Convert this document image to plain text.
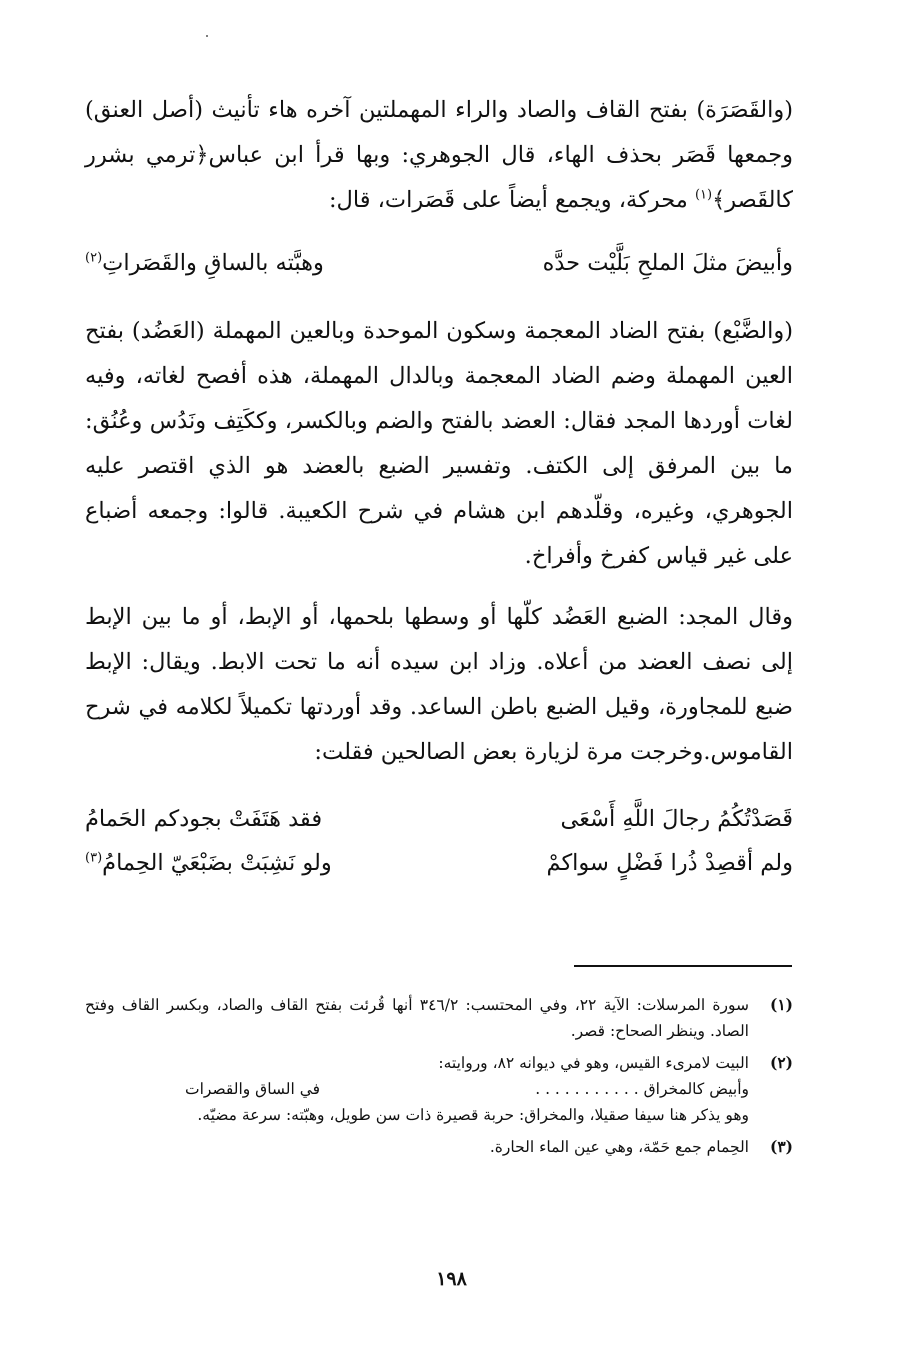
(والقَصَرَة) بفتح القاف والصاد والراء المهملتين آخره هاء تأنيث (أصل العنق) وجمعها قَصَر بحذف الهاء، قال الجوهري: وبها قرأ ابن عباس﴿ترمي بشرر كالقَصر﴾$^{(١)}$ محركة، ويجمع أيضاً على قَصَرات، قال:

وأبيضَ مثلَ الملحِ بَلَّيْت حدَّه
وهبَّته بالساقِ والقَصَراتِ$^{(٢)}$

(والضَّبْع) بفتح الضاد المعجمة وسكون الموحدة وبالعين المهملة (العَضُد) بفتح العين المهملة وضم الضاد المعجمة وبالدال المهملة، هذه أفصح لغاته، وفيه لغات أوردها المجد فقال: العضد بالفتح والضم وبالكسر، وككَتِف ونَدُس وعُنُق: ما بين المرفق إلى الكتف. وتفسير الضبع بالعضد هو الذي اقتصر عليه الجوهري، وغيره، وقلّدهم ابن هشام في شرح الكعيبة. قالوا: وجمعه أضباع على غير قياس كفرخ وأفراخ.

وقال المجد: الضبع العَضُد كلّها أو وسطها بلحمها، أو الإبط، أو ما بين الإبط إلى نصف العضد من أعلاه. وزاد ابن سيده أنه ما تحت الابط. ويقال: الإبط ضبع للمجاورة، وقيل الضبع باطن الساعد. وقد أوردتها تكميلاً لكلامه في شرح القاموس.وخرجت مرة لزيارة بعض الصالحين فقلت:

قَصَدْتُكُمُ رجالَ اللَّهِ أَسْعَى
فقد هَتَفَتْ بجودكم الحَمامُ
ولم أقصِدْ ذُرا فَضْلٍ سواكمْ
ولو نَشِبَتْ بضَبْعَيّ الحِمامُ$^{(٣)}$
(١)
سورة المرسلات: الآية ٢٢، وفي المحتسب: ٣٤٦/٢ أنها قُرئت بفتح القاف والصاد، وبكسر القاف وفتح الصاد. وينظر الصحاح: قصر.
(٢)
البيت لامرىء القيس، وهو في ديوانه ٨٢، وروايته:
وأبيض كالمخراق . . . . . . . . . . .
في الساق والقصرات
وهو يذكر هنا سيفا صقيلا، والمخراق: حربة قصيرة ذات سن طويل، وهبّته: سرعة مضيّه.
(٣)
الحِمام جمع حَمّة، وهي عين الماء الحارة.
١٩٨
